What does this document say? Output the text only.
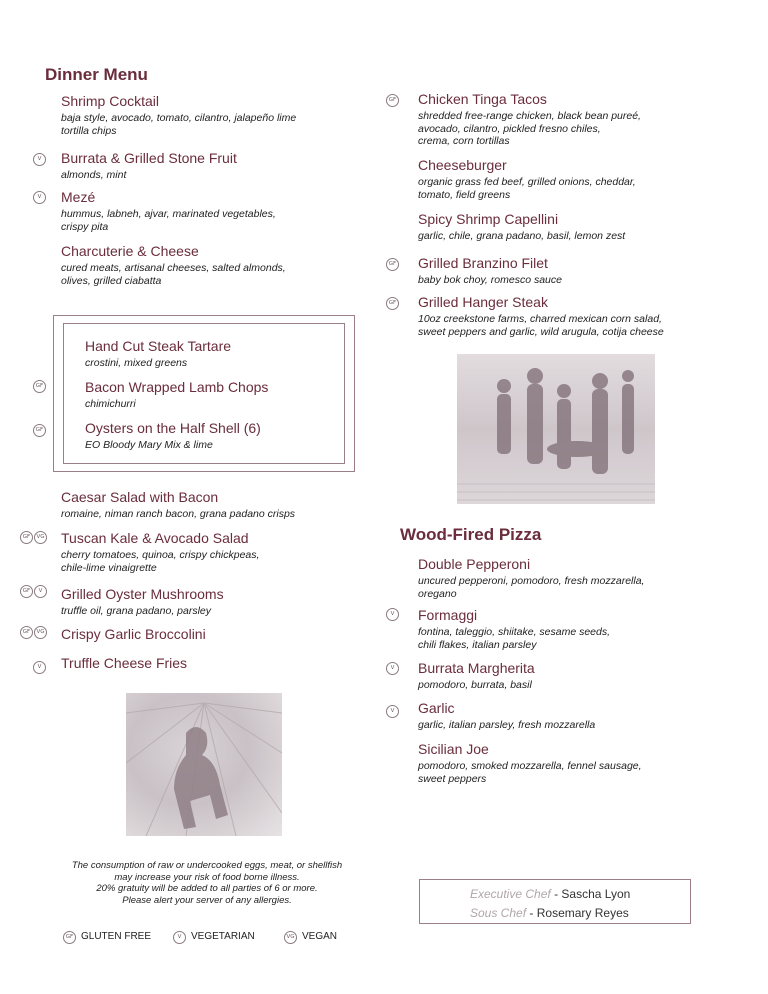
Dinner Menu
Shrimp Cocktail
baja style, avocado, tomato, cilantro, jalapeño lime
tortilla chips
V	Burrata & Grilled Stone Fruit
almonds, mint
V	Mezé
hummus, labneh, ajvar, marinated vegetables,
crispy pita
Charcuterie & Cheese
cured meats, artisanal cheeses, salted almonds,
olives, grilled ciabatta
Hand Cut Steak Tartare
crostini, mixed greens
GF	Bacon Wrapped Lamb Chops
chimichurri
GF	Oysters on the Half Shell (6)
EO Bloody Mary Mix & lime
Caesar Salad with Bacon
romaine, niman ranch bacon, grana padano crisps
GF	VG Tuscan Kale & Avocado Salad
cherry tomatoes, quinoa, crispy chickpeas,
chile-lime vinaigrette
GF	V	Grilled Oyster Mushrooms
truffle oil, grana padano, parsley
GF	VG Crispy Garlic Broccolini
V	Truffle Cheese Fries
GF Chicken Tinga Tacos
shredded free-range chicken, black bean pureé,
avocado, cilantro, pickled fresno chiles,
crema, corn tortillas
Cheeseburger
organic grass fed beef, grilled onions, cheddar,
tomato, field greens
Spicy Shrimp Capellini
garlic, chile, grana padano, basil, lemon zest
GF Grilled Branzino Filet
baby bok choy, romesco sauce
GF Grilled Hanger Steak
10oz creekstone farms, charred mexican corn salad,
sweet peppers and garlic, wild arugula, cotija cheese
Wood-Fired Pizza
Double Pepperoni
uncured pepperoni, pomodoro, fresh mozzarella,
oregano
V	Formaggi
fontina, taleggio, shiitake, sesame seeds,
chili flakes, italian parsley
V	Burrata Margherita
pomodoro, burrata, basil
V	Garlic
garlic, italian parsley, fresh mozzarella
Sicilian Joe
pomodoro, smoked mozzarella, fennel sausage,
sweet peppers
The consumption of raw or undercooked eggs, meat, or shellfish
may increase your risk of food borne illness.
20% gratuity will be added to all parties of 6 or more.
Please alert your server of any allergies.
GF GLUTEN FREE	V VEGETARIAN	VG VEGAN
Executive Chef - Sascha Lyon
Sous Chef - Rosemary Reyes
